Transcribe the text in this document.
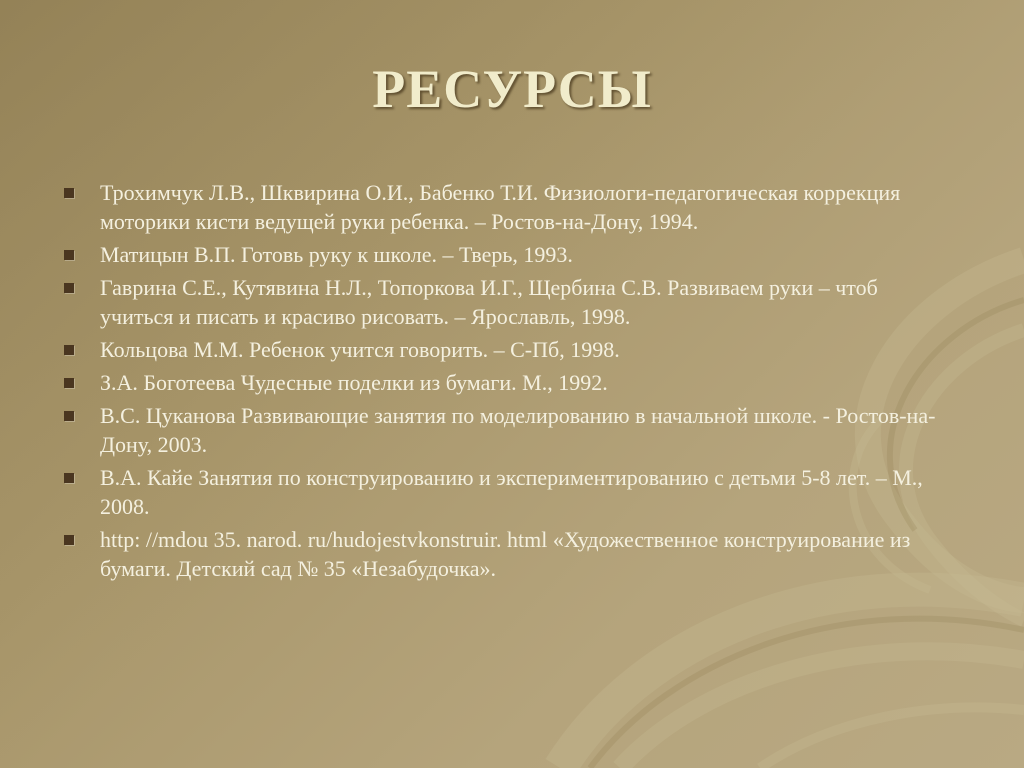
РЕСУРСЫ
Трохимчук Л.В., Шквирина О.И., Бабенко Т.И. Физиологи-педагогическая коррекция моторики кисти ведущей руки ребенка. – Ростов-на-Дону, 1994.
Матицын В.П. Готовь руку к школе. – Тверь, 1993.
Гаврина С.Е., Кутявина Н.Л., Топоркова И.Г., Щербина С.В. Развиваем руки – чтоб учиться и писать и красиво рисовать. – Ярославль, 1998.
Кольцова М.М. Ребенок учится говорить. – С-Пб, 1998.
З.А. Боготеева Чудесные поделки из бумаги. М., 1992.
В.С. Цуканова Развивающие занятия по моделированию в начальной школе. - Ростов-на-Дону, 2003.
В.А. Кайе Занятия по конструированию и экспериментированию с детьми 5-8 лет. – М., 2008.
http: //mdou 35. narod. ru/hudojestvkonstruir. html «Художественное конструирование из бумаги. Детский сад № 35 «Незабудочка».
